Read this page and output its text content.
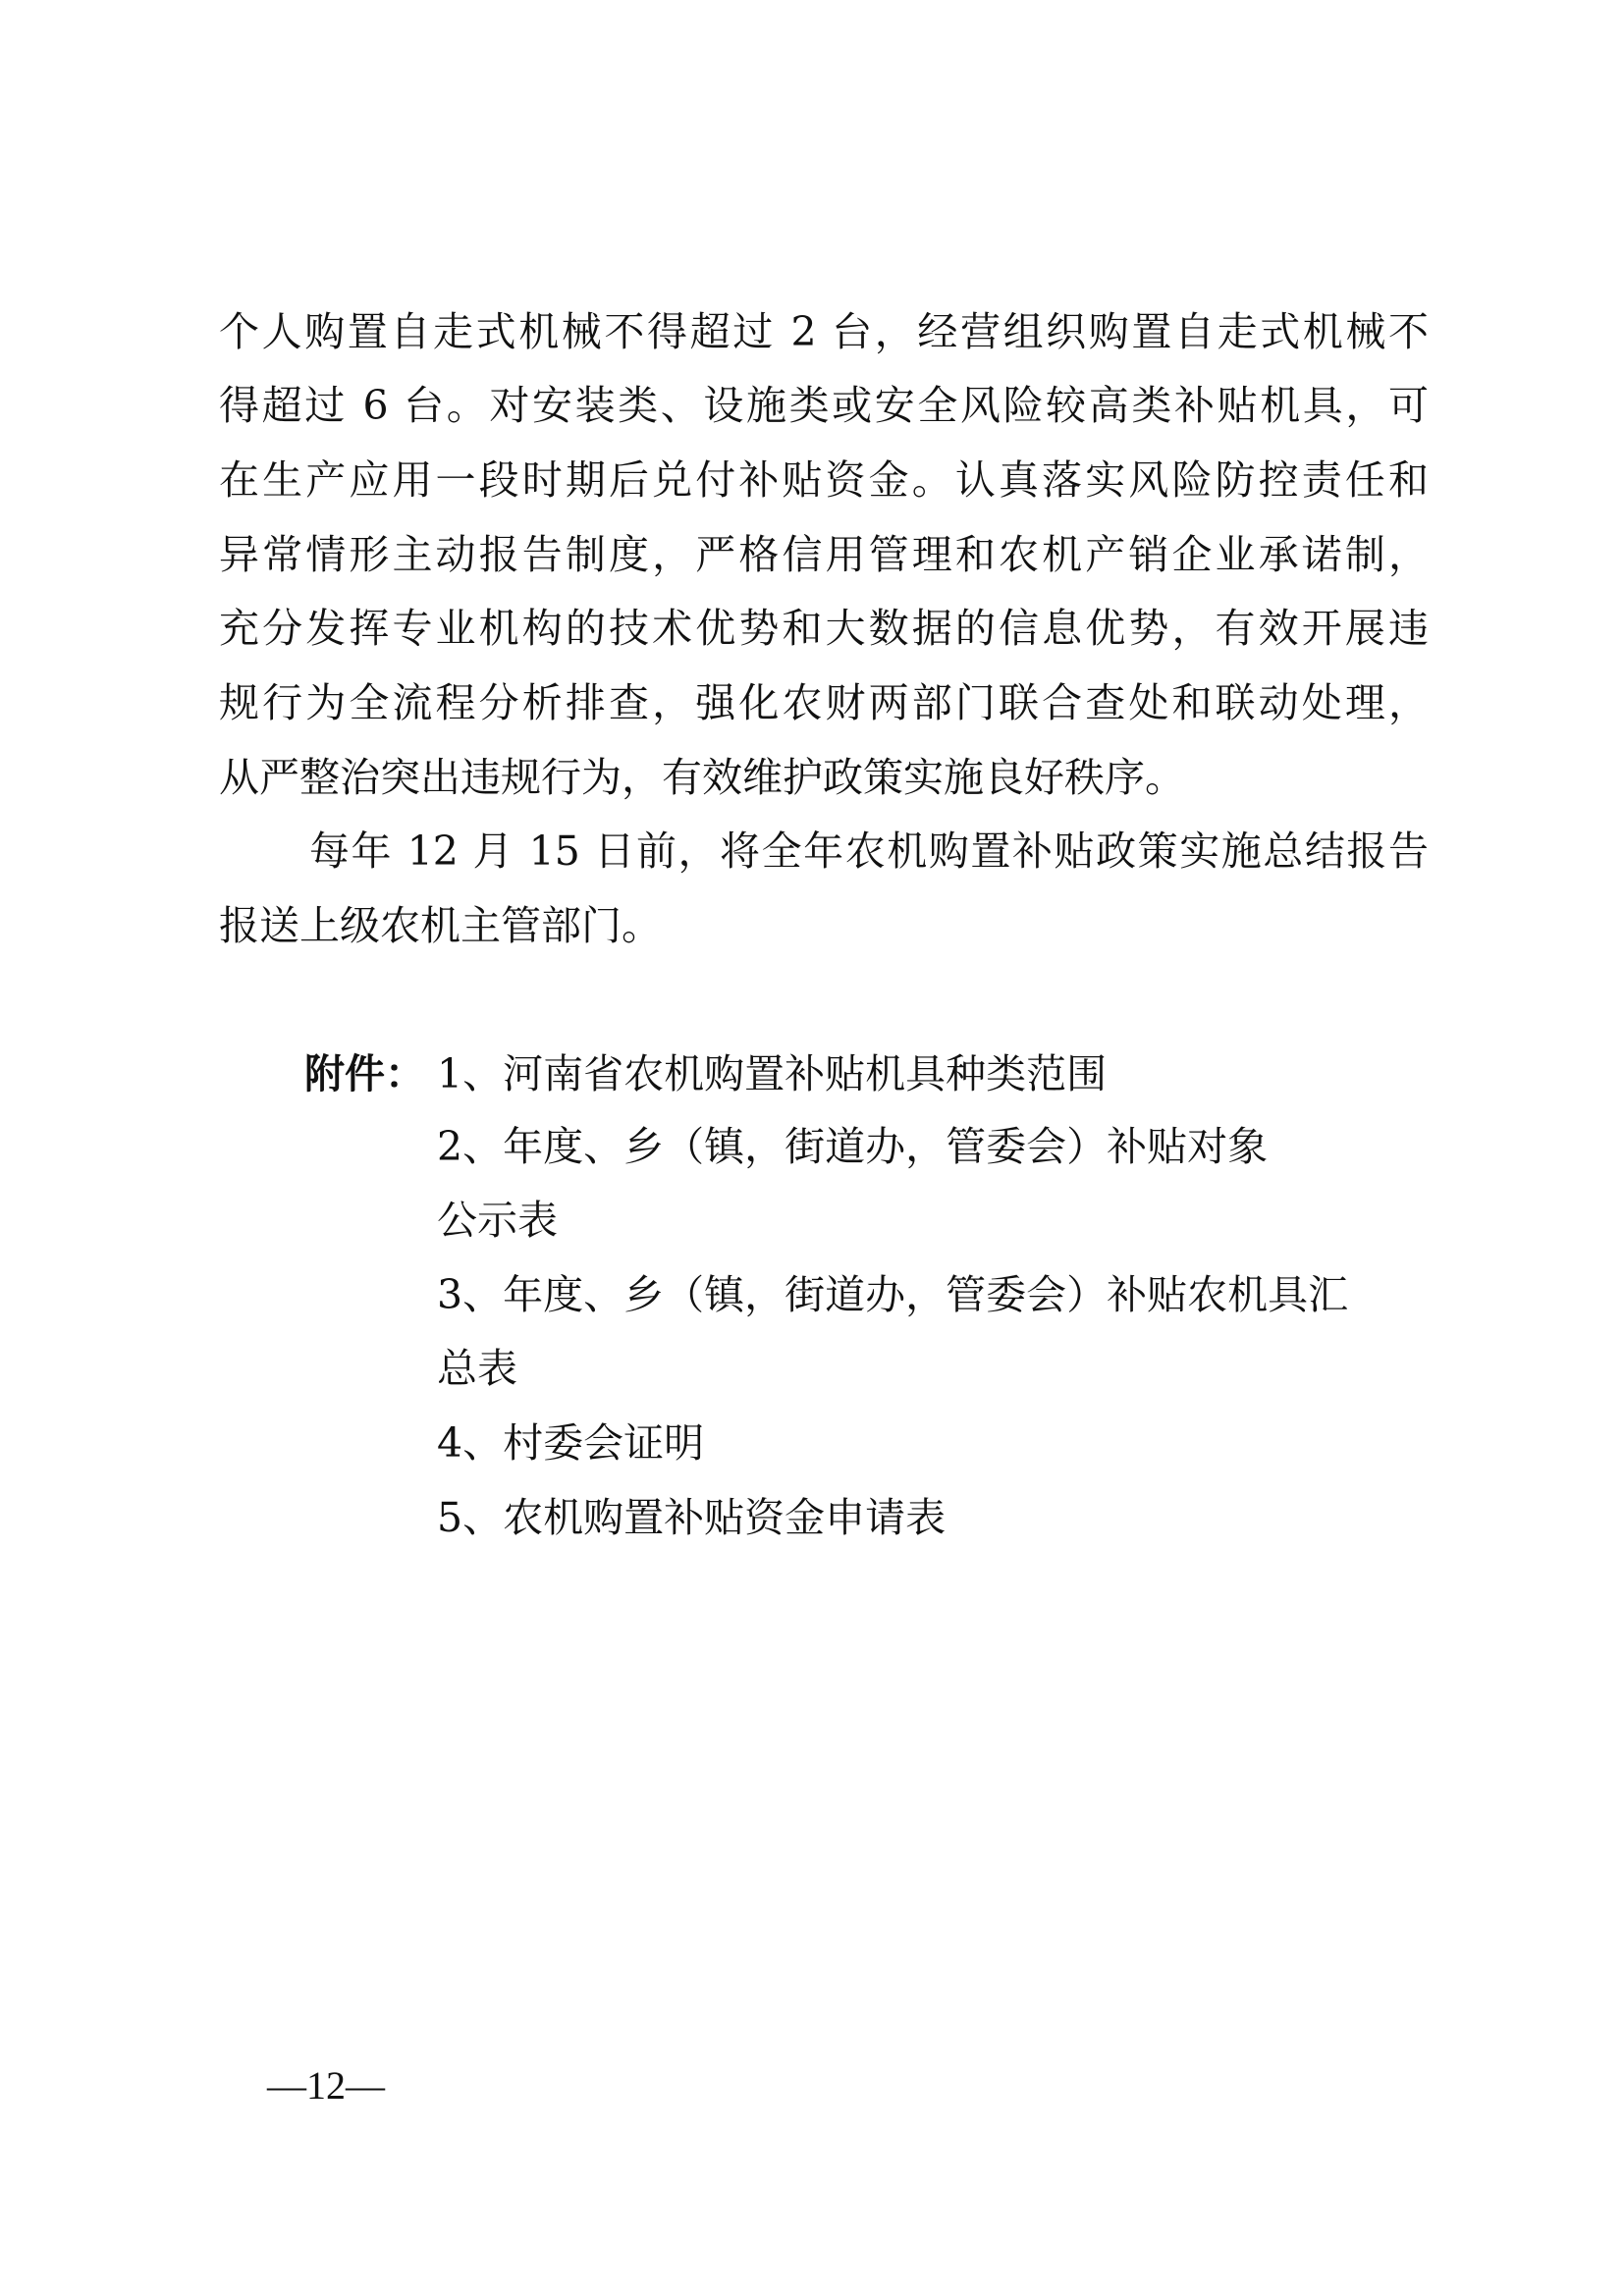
个人购置自走式机械不得超过 2 台，经营组织购置自走式机械不

得超过 6 台。对安装类、设施类或安全风险较高类补贴机具，可

在生产应用一段时期后兑付补贴资金。认真落实风险防控责任和

异常情形主动报告制度，严格信用管理和农机产销企业承诺制，

充分发挥专业机构的技术优势和大数据的信息优势，有效开展违

规行为全流程分析排查，强化农财两部门联合查处和联动处理，

从严整治突出违规行为，有效维护政策实施良好秩序。

每年 12 月 15 日前，将全年农机购置补贴政策实施总结报告

报送上级农机主管部门。

附件： 1、河南省农机购置补贴机具种类范围

2、年度、乡（镇，街道办，管委会）补贴对象

公示表

3、年度、乡（镇，街道办，管委会）补贴农机具汇

总表

4、村委会证明

5、农机购置补贴资金申请表

—12—
